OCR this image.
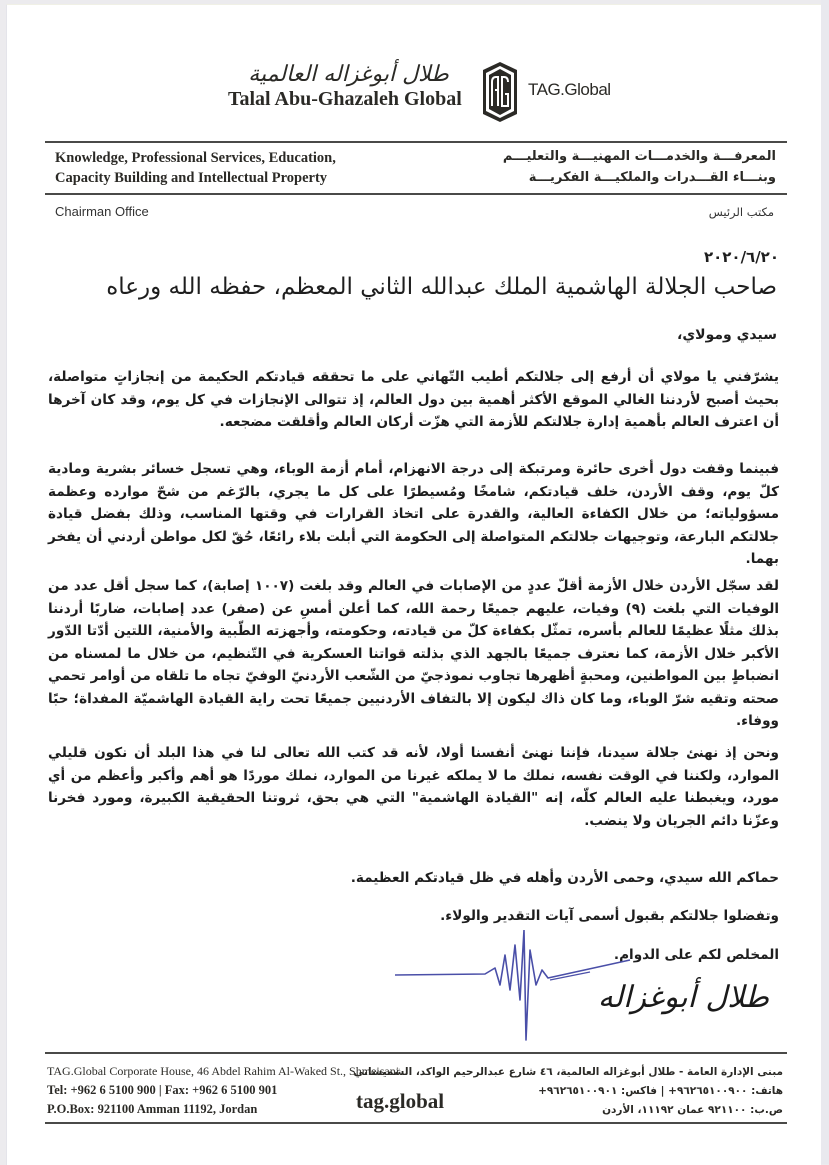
طلال أبوغزاله العالمية
Talal Abu-Ghazaleh Global	TAG.Global
Knowledge, Professional Services, Education,
Capacity Building and Intellectual Property
المعرفـــة والخدمـــات المهنيـــة والتعليـــم
وبنـــاء القـــدرات والملكيـــة الفكريـــة
Chairman Office	مكتب الرئيس
٢٠٢٠/٦/٢٠
صاحب الجلالة الهاشمية الملك عبدالله الثاني المعظم، حفظه الله ورعاه
سيدي ومولاي،
يشرّفني يا مولاي أن أرفع إلى جلالتكم أطيب التّهاني على ما تحققه قيادتكم الحكيمة من إنجازاتٍ متواصلة، بحيث أصبح لأردننا الغالي الموقع الأكثر أهمية بين دول العالم، إذ تتوالى الإنجازات في كل يوم، وقد كان آخرها أن اعترف العالم بأهمية إدارة جلالتكم للأزمة التي هزّت أركان العالم وأقلقت مضجعه.
فبينما وقفت دول أخرى حائرة ومرتبكة إلى درجة الانهزام، أمام أزمة الوباء، وهي تسجل خسائر بشرية ومادية كلّ يوم، وقف الأردن، خلف قيادتكم، شامخًا ومُسيطرًا على كل ما يجري، بالرّغم من شحّ موارده وعظمة مسؤولياته؛ من خلال الكفاءة العالية، والقدرة على اتخاذ القرارات في وقتها المناسب، وذلك بفضل قيادة جلالتكم البارعة، وتوجيهات جلالتكم المتواصلة إلى الحكومة التي أبلت بلاء رائعًا، حُقّ لكل مواطن أردني أن يفخر بهما.
لقد سجّل الأردن خلال الأزمة أقلّ عددٍ من الإصابات في العالم وقد بلغت (١٠٠٧ إصابة)، كما سجل أقل عدد من الوفيات التي بلغت (٩) وفيات، عليهم جميعًا رحمة الله، كما أعلن أمسِ عن (صفر) عدد إصابات، ضاربًا أردننا بذلك مثلًا عظيمًا للعالم بأسره، تمثّل بكفاءة كلّ من قيادته، وحكومته، وأجهزته الطّبية والأمنية، اللتين أدّتا الدّور الأكبر خلال الأزمة، كما نعترف جميعًا بالجهد الذي بذلته قواتنا العسكرية في التّنظيم، من خلال ما لمسناه من انضباطٍ بين المواطنين، ومحبةٍ أظهرها تجاوب نموذجيّ من الشّعب الأردنيّ الوفيّ تجاه ما تلقاه من أوامر تحمي صحته وتقيه شرّ الوباء، وما كان ذاك ليكون إلا بالتفاف الأردنيين جميعًا تحت راية القيادة الهاشميّة المفداة؛ حبًا ووفاء.
ونحن إذ نهنئ جلالة سيدنا، فإننا نهنئ أنفسنا أولا، لأنه قد كتب الله تعالى لنا في هذا البلد أن نكون قليلي الموارد، ولكننا في الوقت نفسه، نملك ما لا يملكه غيرنا من الموارد، نملك موردًا هو أهم وأكبر وأعظم من أي مورد، ويغبطنا عليه العالم كلّه، إنه "القيادة الهاشمية" التي هي بحق، ثروتنا الحقيقية الكبيرة، ومورد فخرنا وعزّنا دائم الجريان ولا ينضب.
حماكم الله سيدي، وحمى الأردن وأهله في ظل قيادتكم العظيمة.
وتفضلوا جلالتكم بقبول أسمى آيات التقدير والولاء.
المخلص لكم على الدوام.
طلال أبوغزاله
TAG.Global Corporate House, 46 Abdel Rahim Al-Waked St., Shmeisani
Tel: +962 6 5100 900 | Fax: +962 6 5100 901
P.O.Box: 921100 Amman 11192, Jordan	tag.global
مبنى الإدارة العامة - طلال أبوغزاله العالمية، ٤٦ شارع عبدالرحيم الواكد، الشميساني
هاتف: ٩٦٢٦٥١٠٠٩٠٠+ | فاكس: ٩٦٢٦٥١٠٠٩٠١+
ص.ب: ٩٢١١٠٠ عمان ١١١٩٢، الأردن
